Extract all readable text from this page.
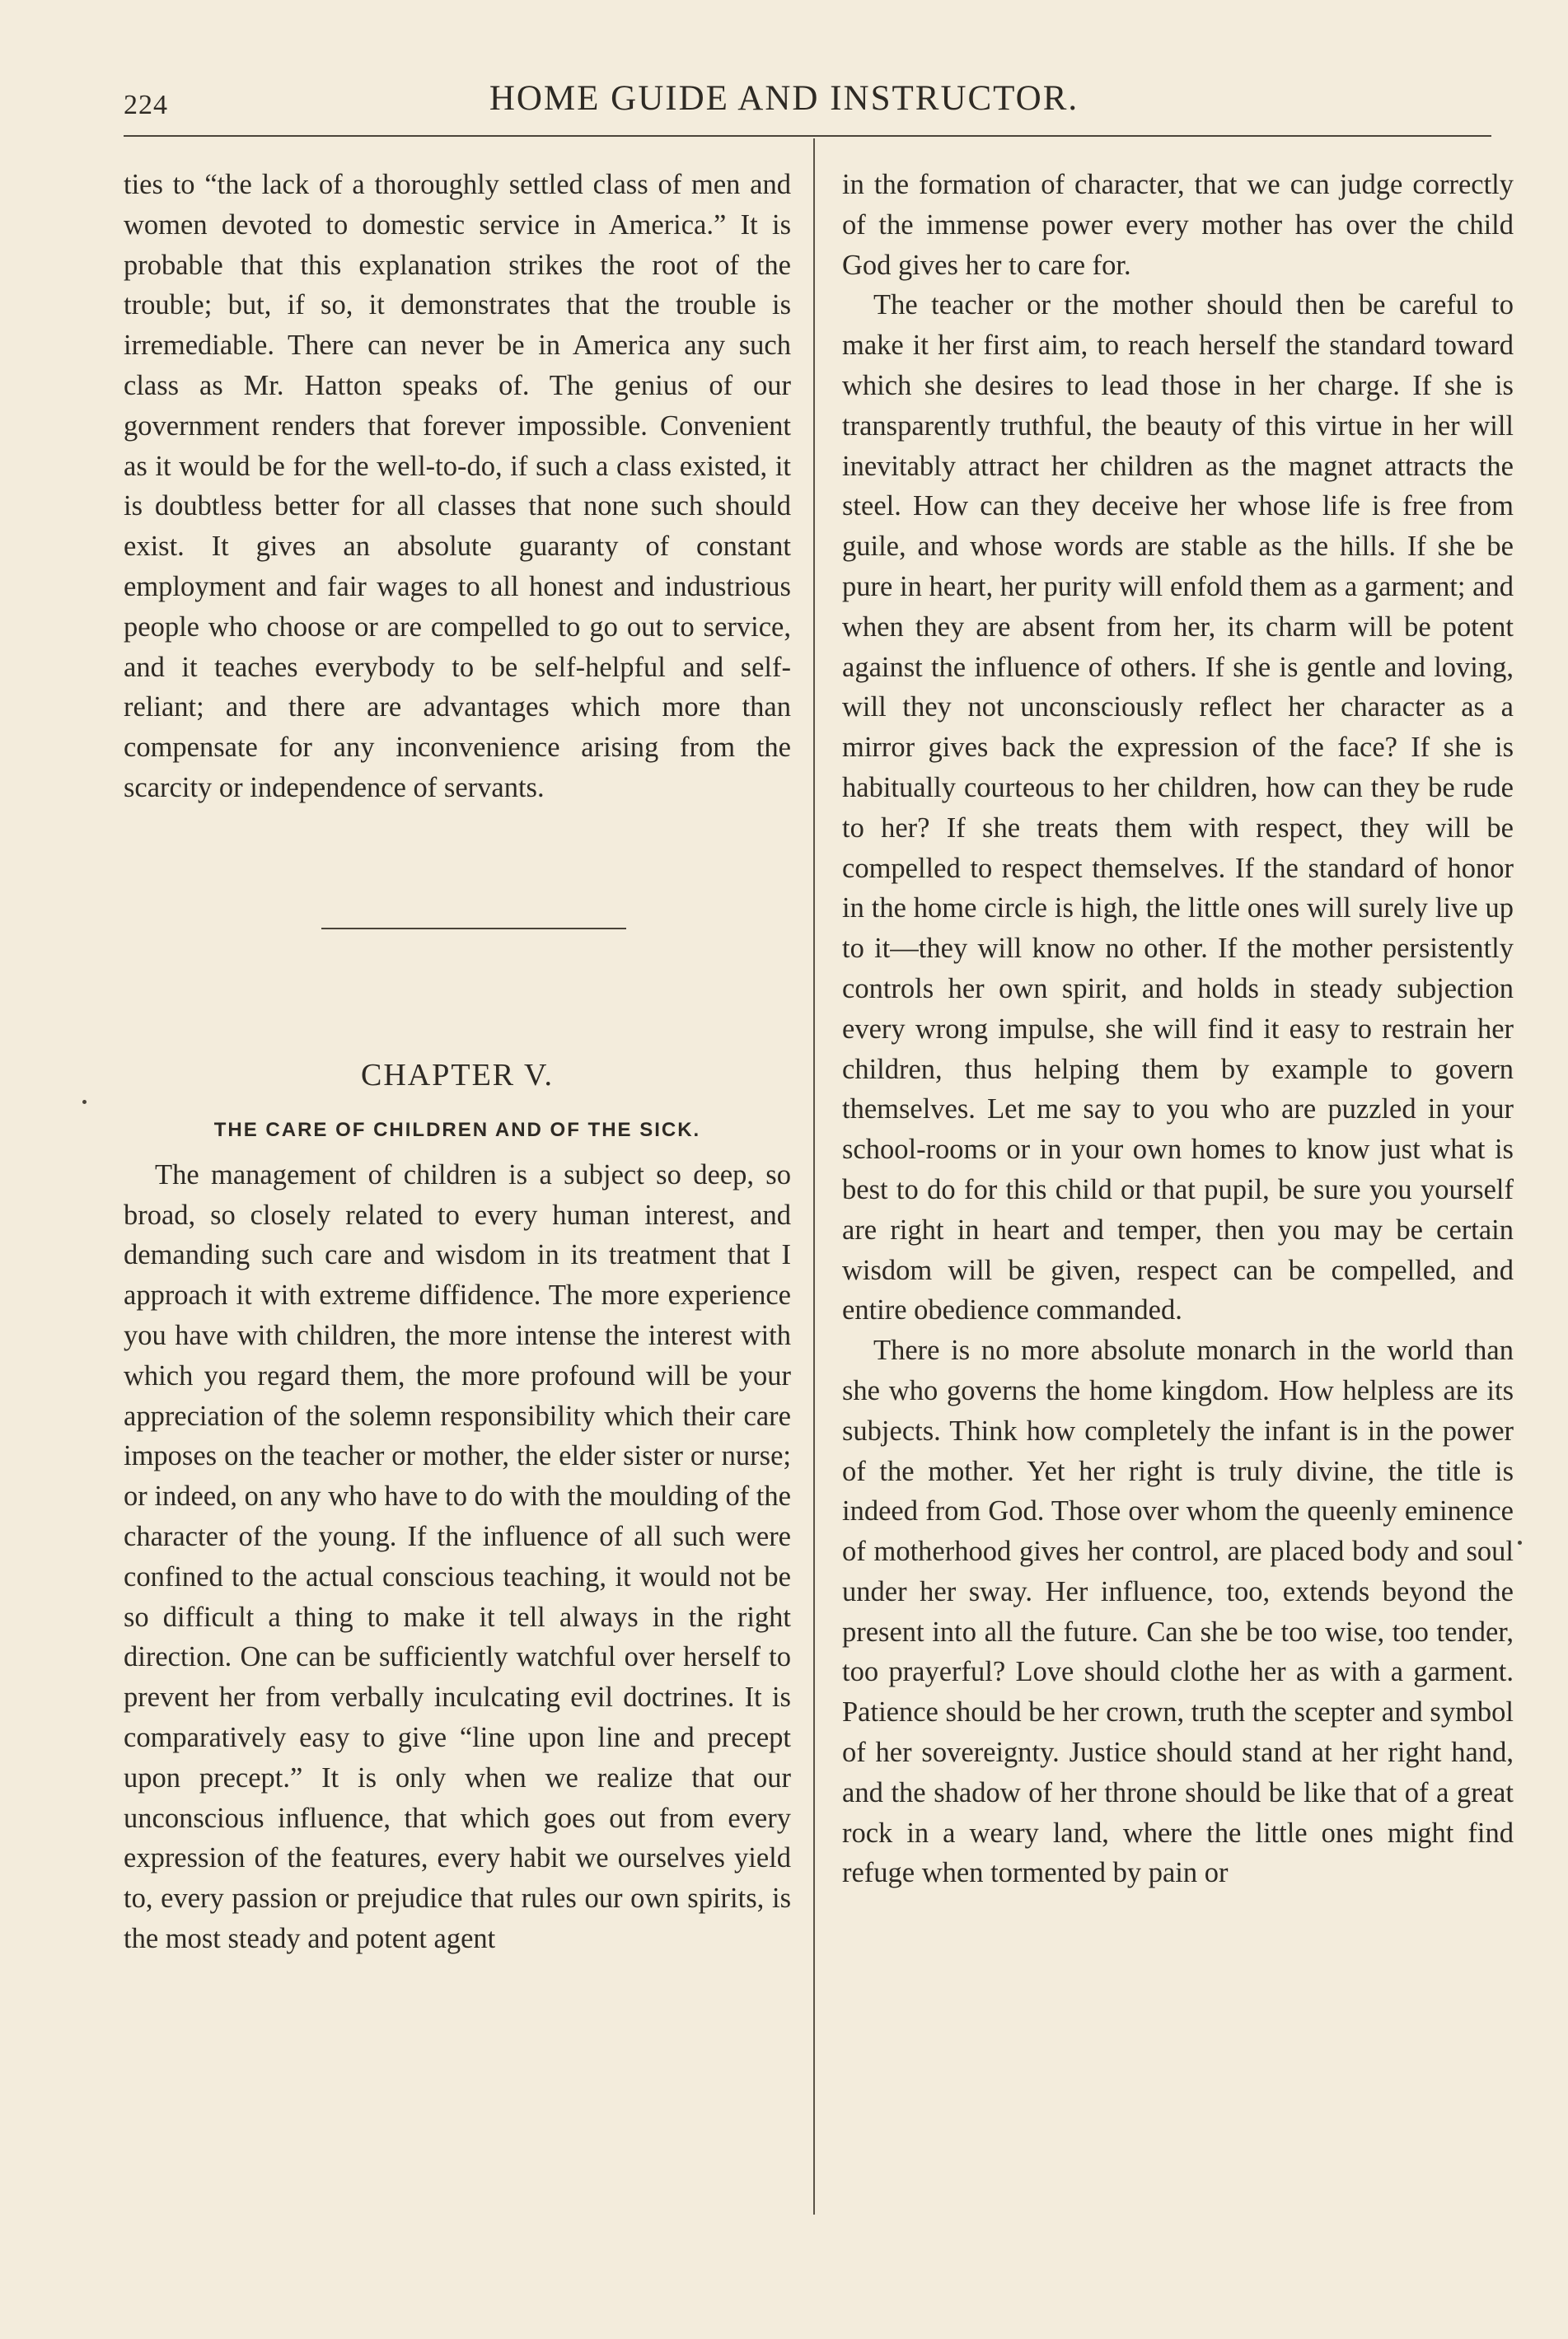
224	HOME GUIDE AND INSTRUCTOR.

ties to “the lack of a thoroughly settled class of men and women devoted to domestic service in America.” It is probable that this explanation strikes the root of the trouble; but, if so, it demonstrates that the trouble is irremediable. There can never be in America any such class as Mr. Hatton speaks of. The genius of our government renders that forever impossible. Convenient as it would be for the well-to-do, if such a class existed, it is doubtless better for all classes that none such should exist. It gives an absolute guaranty of constant employment and fair wages to all honest and industrious people who choose or are compelled to go out to service, and it teaches everybody to be self-helpful and self-reliant; and there are advantages which more than compensate for any inconvenience arising from the scarcity or independence of servants.

CHAPTER V.
THE CARE OF CHILDREN AND OF THE SICK.

The management of children is a subject so deep, so broad, so closely related to every human interest, and demanding such care and wisdom in its treatment that I approach it with extreme diffidence. The more experience you have with children, the more intense the interest with which you regard them, the more profound will be your appreciation of the solemn responsibility which their care imposes on the teacher or mother, the elder sister or nurse; or indeed, on any who have to do with the moulding of the character of the young. If the influence of all such were confined to the actual conscious teaching, it would not be so difficult a thing to make it tell always in the right direction. One can be sufficiently watchful over herself to prevent her from verbally inculcating evil doctrines. It is comparatively easy to give “line upon line and precept upon precept.” It is only when we realize that our unconscious influence, that which goes out from every expression of the features, every habit we ourselves yield to, every passion or prejudice that rules our own spirits, is the most steady and potent agent

in the formation of character, that we can judge correctly of the immense power every mother has over the child God gives her to care for.

The teacher or the mother should then be careful to make it her first aim, to reach herself the standard toward which she desires to lead those in her charge. If she is transparently truthful, the beauty of this virtue in her will inevitably attract her children as the magnet attracts the steel. How can they deceive her whose life is free from guile, and whose words are stable as the hills. If she be pure in heart, her purity will enfold them as a garment; and when they are absent from her, its charm will be potent against the influence of others. If she is gentle and loving, will they not unconsciously reflect her character as a mirror gives back the expression of the face? If she is habitually courteous to her children, how can they be rude to her? If she treats them with respect, they will be compelled to respect themselves. If the standard of honor in the home circle is high, the little ones will surely live up to it—they will know no other. If the mother persistently controls her own spirit, and holds in steady subjection every wrong impulse, she will find it easy to restrain her children, thus helping them by example to govern themselves. Let me say to you who are puzzled in your school-rooms or in your own homes to know just what is best to do for this child or that pupil, be sure you yourself are right in heart and temper, then you may be certain wisdom will be given, respect can be compelled, and entire obedience commanded.

There is no more absolute monarch in the world than she who governs the home kingdom. How helpless are its subjects. Think how completely the infant is in the power of the mother. Yet her right is truly divine, the title is indeed from God. Those over whom the queenly eminence of motherhood gives her control, are placed body and soul under her sway. Her influence, too, extends beyond the present into all the future. Can she be too wise, too tender, too prayerful? Love should clothe her as with a garment. Patience should be her crown, truth the scepter and symbol of her sovereignty. Justice should stand at her right hand, and the shadow of her throne should be like that of a great rock in a weary land, where the little ones might find refuge when tormented by pain or
